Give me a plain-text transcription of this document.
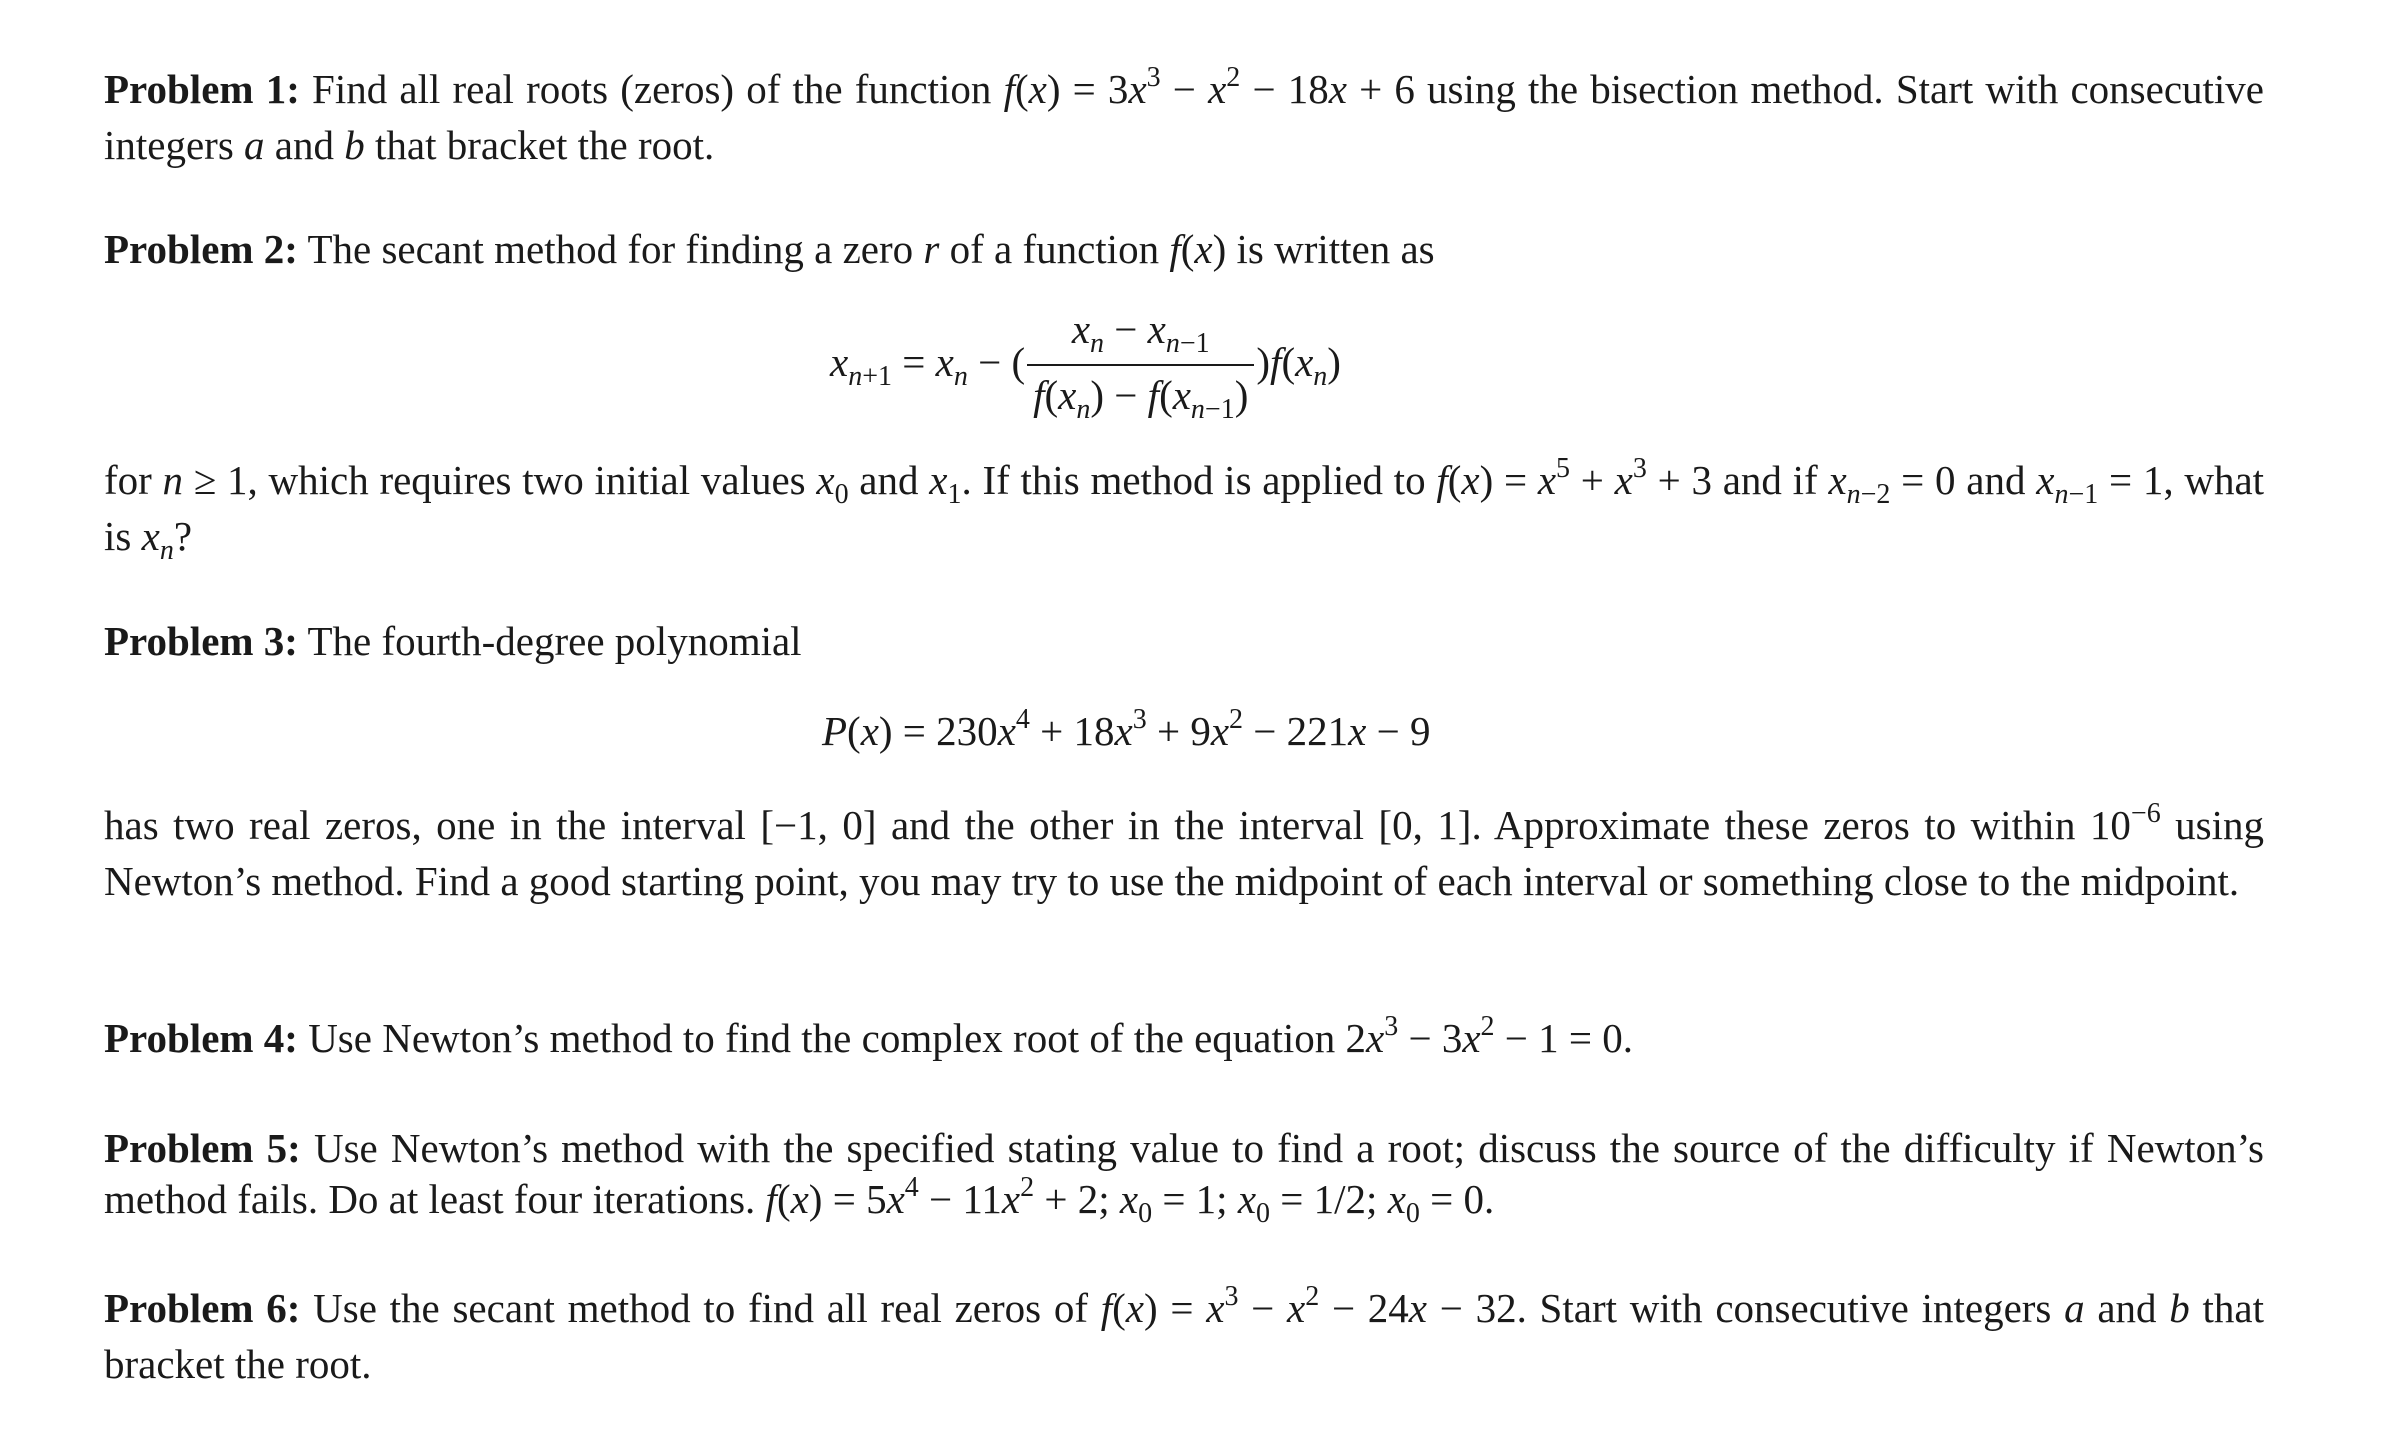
Problem 1: Find all real roots (zeros) of the function $f(x) = 3x^3 - x^2 - 18x + 6$ using the bisection method. Start with consecutive integers a and b that bracket the root.

Problem 2: The secant method for finding a zero r of a function f(x) is written as

$x_{n+1} = x_n$ − ( $\frac{x_n - x_{n-1}}{f(x_n) - f(x_{n-1})} )f(x_n)$

for n ≥ 1, which requires two initial values $x_0$ and $x_1$. If this method is applied to $f(x) = x^5 + x^3 + 3$ and if $x_{n-2} = 0$ and $x_{n-1} = 1$, what is $x_n$?

Problem 3: The fourth-degree polynomial

$P(x) = 230x^4 + 18x^3 + 9x^2 - 221x - 9$

has two real zeros, one in the interval [−1, 0] and the other in the interval [0, 1]. Approximate these zeros to within $10^{-6}$ using Newton’s method. Find a good starting point, you may try to use the midpoint of each interval or something close to the midpoint.

Problem 4: Use Newton’s method to find the complex root of the equation $2x^3 - 3x^2 - 1 = 0$.

Problem 5: Use Newton’s method with the specified stating value to find a root; discuss the source of the difficulty if Newton’s method fails. Do at least four iterations. $f(x) = 5x^4 - 11x^2 + 2$; $x_0 = 1$; $x_0 = 1/2$; $x_0 = 0$.

Problem 6: Use the secant method to find all real zeros of $f(x) = x^3 - x^2 - 24x - 32$. Start with consecutive integers a and b that bracket the root.
